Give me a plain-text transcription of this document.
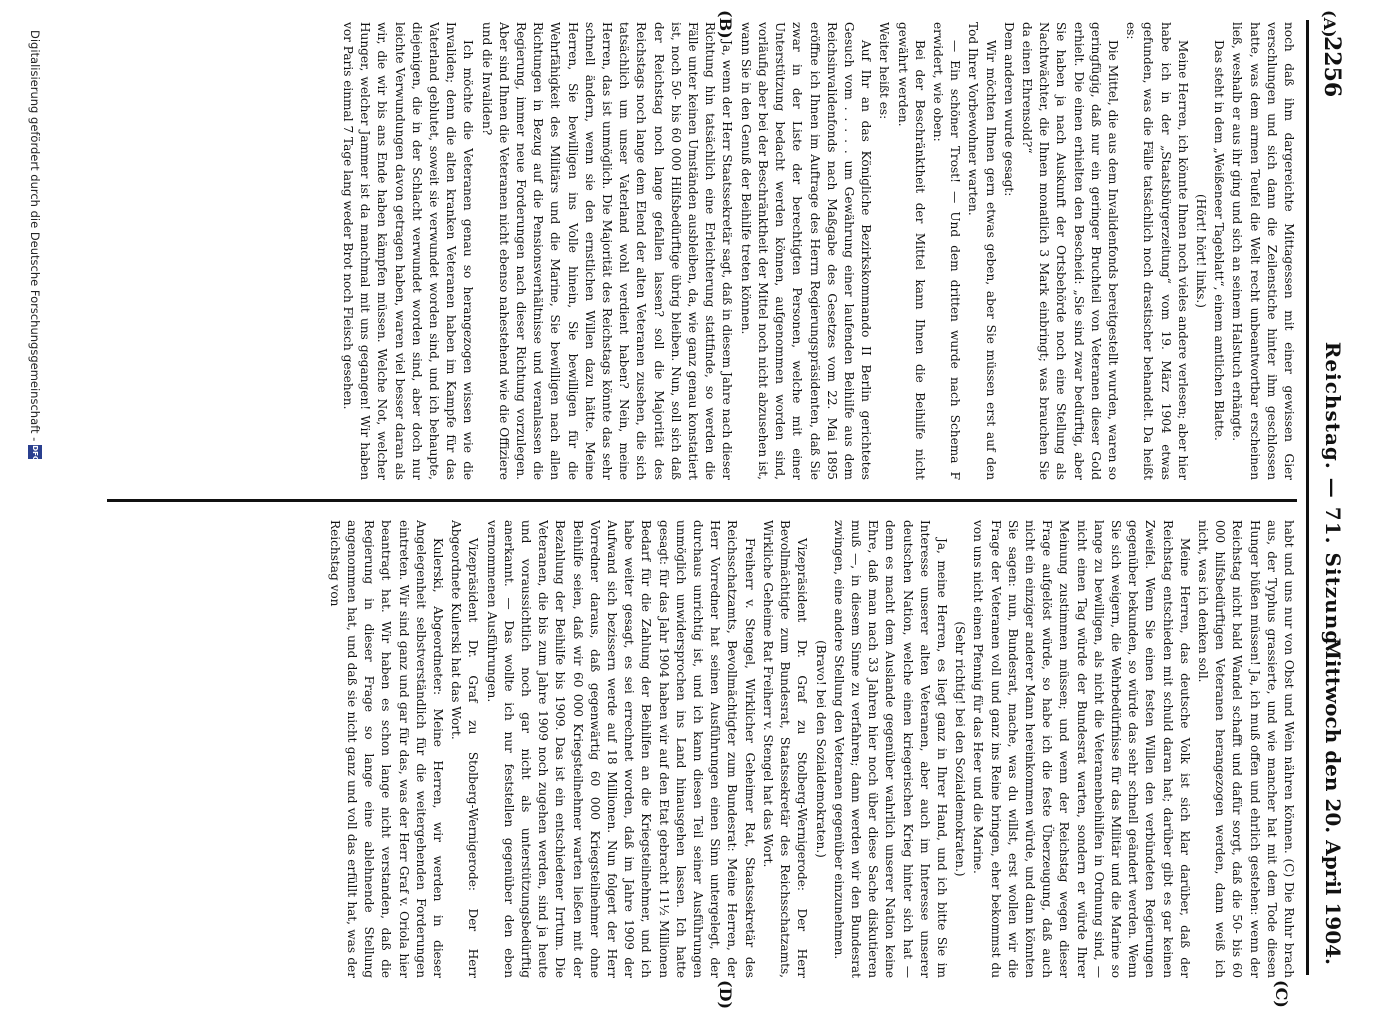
2256
Reichstag. — 71. Sitzung.
Mittwoch den 20. April 1904.
(A)
(B)
(C)
(D)

noch daß ihm dargereichte Mittagessen mit einer gewissen Gier verschlungen und sich dann die Zeilenstiche hinter ihm geschlossen hatte, was dem armen Teufel die Welt recht unbeantwortbar erscheinen ließ, weshalb er aus ihr ging und sich an seinem Halstuch erhängte.

Das steht in dem „Weißeneer Tageblatt“, einem amtlichen Blatte.

(Hört! hört! links.)

Meine Herren, ich könnte Ihnen noch vieles andere verlesen; aber hier habe ich in der „Staatsbürgerzeitung“ vom 19. März 1904 etwas gefunden, was die Fälle tatsächlich noch drastischer behandelt. Da heißt es:

Die Mittel, die aus dem Invalidenfonds bereitgestellt wurden, waren so geringfügig, daß nur ein geringer Bruchteil von Veteranen dieser Gold erhielt. Die einen erhielten den Bescheid: „Sie sind zwar bedürftig, aber Sie haben ja nach Auskunft der Ortsbehörde noch eine Stellung als Nachtwächter, die Ihnen monatlich 3 Mark einbringt; was brauchen Sie da einen Ehrensold?“

Dem anderen wurde gesagt:

Wir möchten Ihnen gern etwas geben, aber Sie müssen erst auf den Tod Ihrer Vorbewohner warten.

— Ein schöner Trost! — Und dem dritten wurde nach Schema F erwidert, wie oben:

Bei der Beschränktheit der Mittel kann Ihnen die Beihilfe nicht gewährt werden.

Weiter heißt es:

Auf Ihr an das Königliche Bezirkskommando II Berlin gerichtetes Gesuch vom . . . . . um Gewährung einer laufenden Beihilfe aus dem Reichsinvalidenfonds nach Maßgabe des Gesetzes vom 22. Mai 1895 eröffne ich Ihnen im Auftrage des Herrn Regierungspräsidenten, daß Sie zwar in der Liste der berechtigten Personen, welche mit einer Unterstützung bedacht werden können, aufgenommen worden sind, vorläufig aber bei der Beschränktheit der Mittel noch nicht abzusehen ist, wann Sie in den Genuß der Beihilfe treten können.

Ja, wenn der Herr Staatssekretär sagt, daß in diesem Jahre nach dieser Richtung hin tatsächlich eine Erleichterung stattfinde, so werden die Fälle unter keinen Umständen ausbleiben, da, wie ganz genau konstatiert ist, noch 50- bis 60 000 Hilfsbedürftige übrig bleiben. Nun, soll sich daß der Reichstag noch lange gefallen lassen? soll die Majorität des Reichstags noch lange dem Elend der alten Veteranen zusehen, die sich tatsächlich um unser Vaterland wohl verdient haben? Nein, meine Herren, das ist unmöglich. Die Majorität des Reichstags könnte das sehr schnell ändern, wenn sie den ernstlichen Willen dazu hätte. Meine Herren, Sie bewilligen ins Volle hinein, Sie bewilligen für die Wehrfähigkeit des Militärs und die Marine, Sie bewilligen nach allen Richtungen in Bezug auf die Pensionsverhältnisse und veranlassen die Regierung, immer neue Forderungen nach dieser Richtung vorzulegen. Aber sind Ihnen die Veteranen nicht ebenso nahestehend wie die Offiziere und die Invaliden?

Ich möchte die Veteranen genau so herangezogen wissen wie die Invaliden; denn die alten kranken Veteranen haben im Kampfe für das Vaterland geblutet, soweit sie verwundet worden sind, und ich behaupte, diejenigen, die in der Schlacht verwundet worden sind, aber doch nur leichte Verwundungen davon getragen haben, waren viel besser daran als wir, die wir bis ans Ende haben kämpfen müssen. Welche Not, welcher Hunger, welcher Jammer ist da manchmal mit uns gegangen! Wir haben vor Paris einmal 7 Tage lang weder Brot noch Fleisch gesehen.

habt und uns nur von Obst und Wein nähren können. (C) Die Ruhr brach aus, der Typhus grassierte, und wie mancher hat mit dem Tode diesen Hunger büßen müssen! Ja, ich muß offen und ehrlich gestehen: wenn der Reichstag nicht bald Wandel schafft und dafür sorgt, daß die 50- bis 60 000 hilfsbedürftigen Veteranen herangezogen werden, dann weiß ich nicht, was ich denken soll.

Meine Herren, das deutsche Volk ist sich klar darüber, daß der Reichstag entschieden mit schuld daran hat; darüber gibt es gar keinen Zweifel. Wenn Sie einen festen Willen den verbündeten Regierungen gegenüber bekunden, so würde das sehr schnell geändert werden. Wenn Sie sich weigern, die Wehrbedürfnisse für das Militär und die Marine so lange zu bewilligen, als nicht die Veteranenbeihilfen in Ordnung sind, — nicht einen Tag würde der Bundesrat warten, sondern er würde Ihrer Meinung zustimmen müssen; und wenn der Reichstag wegen dieser Frage aufgelöst würde, so habe ich die feste Überzeugung, daß auch nicht ein einziger anderer Mann hereinkommen würde, und dann könnten Sie sagen: nun, Bundesrat, mache, was du willst, erst wollen wir die Frage der Veteranen voll und ganz ins Reine bringen, eher bekommst du von uns nicht einen Pfennig für das Heer und die Marine.

(Sehr richtig! bei den Sozialdemokraten.)

Ja, meine Herren, es liegt ganz in Ihrer Hand, und ich bitte Sie im Interesse unserer alten Veteranen, aber auch im Interesse unserer deutschen Nation, welche einen kriegerischen Krieg hinter sich hat — denn es macht dem Auslande gegenüber wahrlich unserer Nation keine Ehre, daß man nach 33 Jahren hier noch über diese Sache diskutieren muß —, in diesem Sinne zu verfahren; dann werden wir den Bundesrat zwingen, eine andere Stellung den Veteranen gegenüber einzunehmen.

(Bravo! bei den Sozialdemokraten.)

Vizepräsident Dr. Graf zu Stolberg-Wernigerode: Der Herr Bevollmächtigte zum Bundesrat, Staatssekretär des Reichsschatzamts, Wirkliche Geheime Rat Freiherr v. Stengel hat das Wort.

Freiherr v. Stengel, Wirklicher Geheimer Rat, Staatssekretär des Reichsschatzamts, Bevollmächtigter zum Bundesrat: Meine Herren, der Herr Vorredner hat seinen Ausführungen einen Sinn untergelegt, der durchaus unrichtig ist, und ich kann diesen Teil seiner Ausführungen unmöglich unwidersprochen ins Land hinausgehen lassen. Ich hatte gesagt: für das Jahr 1904 haben wir auf den Etat gebracht 11½ Millionen Bedarf für die Zahlung der Beihilfen an die Kriegsteilnehmer, und ich habe weiter gesagt, es sei errechnet worden, daß im Jahre 1909 der Aufwand sich bezissern werde auf 18 Millionen. Nun folgert der Herr Vorredner daraus, daß gegenwärtig 60 000 Kriegsteilnehmer ohne Beihilfe seien, daß wir 60 000 Kriegsteilnehmer warten ließen mit der Bezahlung der Beihilfe bis 1909. Das ist ein entschiedener Irrtum. Die Veteranen, die bis zum Jahre 1909 noch zugehen werden, sind ja heute und voraussichtlich noch gar nicht als unterstützungsbedürftig anerkannt. — Das wollte ich nur feststellen gegenüber den eben vernommenen Ausführungen.

Vizepräsident Dr. Graf zu Stolberg-Wernigerode: Der Herr Abgeordnete Kulerski hat das Wort.

Kulerski, Abgeordneter: Meine Herren, wir werden in dieser Angelegenheit selbstverständlich für die weitergehenden Forderungen eintreten. Wir sind ganz und gar für das, was der Herr Graf v. Oriola hier beantragt hat. Wir haben es schon lange nicht verstanden, daß die Regierung in dieser Frage so lange eine ablehnende Stellung angenommen hat, und daß sie nicht ganz und voll das erfüllt hat, was der Reichstag von

Digitalisierung gefördert durch die Deutsche Forschungsgemeinschaft -
DFG
